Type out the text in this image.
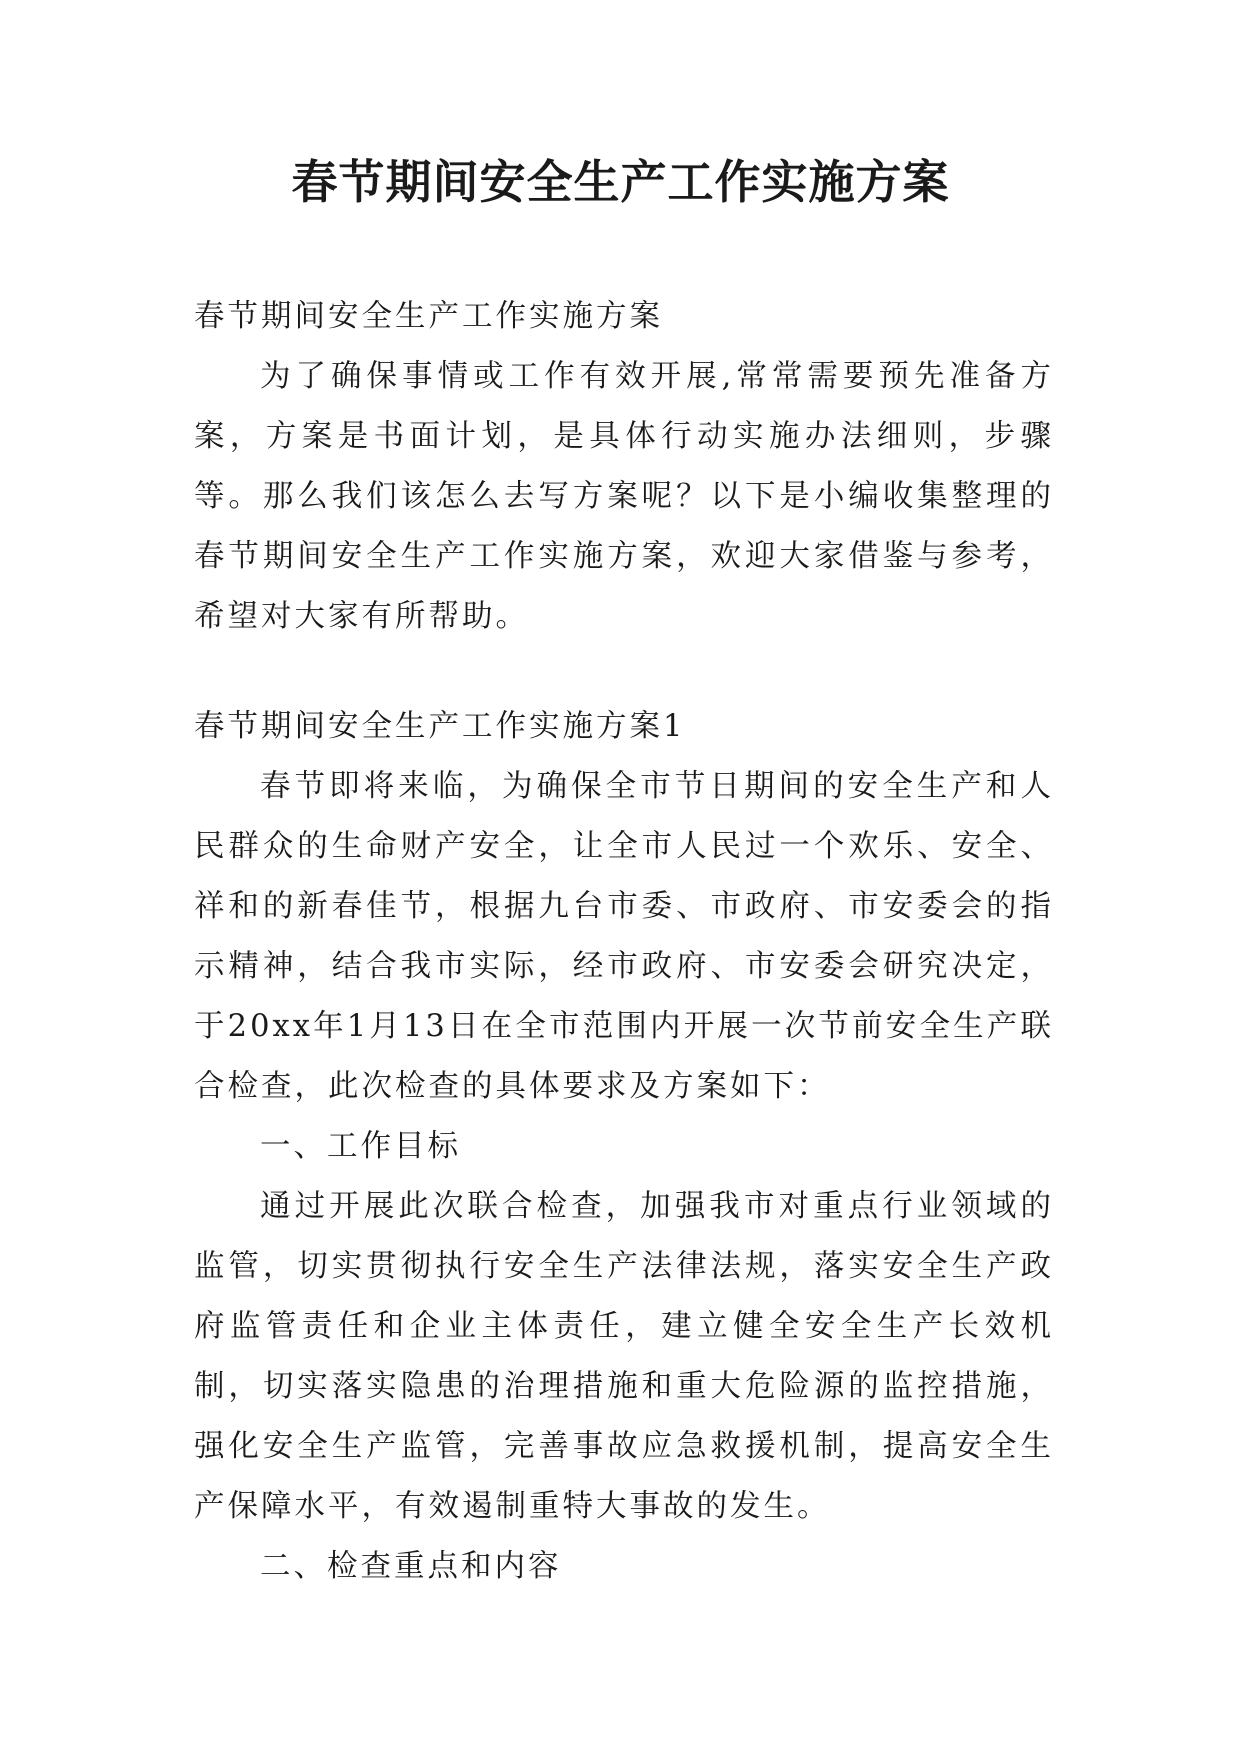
春节期间安全生产工作实施方案

春节期间安全生产工作实施方案

为了确保事情或工作有效开展,常常需要预先准备方案，方案是书面计划，是具体行动实施办法细则，步骤等。那么我们该怎么去写方案呢？以下是小编收集整理的春节期间安全生产工作实施方案，欢迎大家借鉴与参考，希望对大家有所帮助。

春节期间安全生产工作实施方案1

春节即将来临，为确保全市节日期间的安全生产和人民群众的生命财产安全，让全市人民过一个欢乐、安全、祥和的新春佳节，根据九台市委、市政府、市安委会的指示精神，结合我市实际，经市政府、市安委会研究决定，于20xx年1月13日在全市范围内开展一次节前安全生产联合检查，此次检查的具体要求及方案如下：

一、工作目标

通过开展此次联合检查，加强我市对重点行业领域的监管，切实贯彻执行安全生产法律法规，落实安全生产政府监管责任和企业主体责任，建立健全安全生产长效机制，切实落实隐患的治理措施和重大危险源的监控措施，强化安全生产监管，完善事故应急救援机制，提高安全生产保障水平，有效遏制重特大事故的发生。

二、检查重点和内容
